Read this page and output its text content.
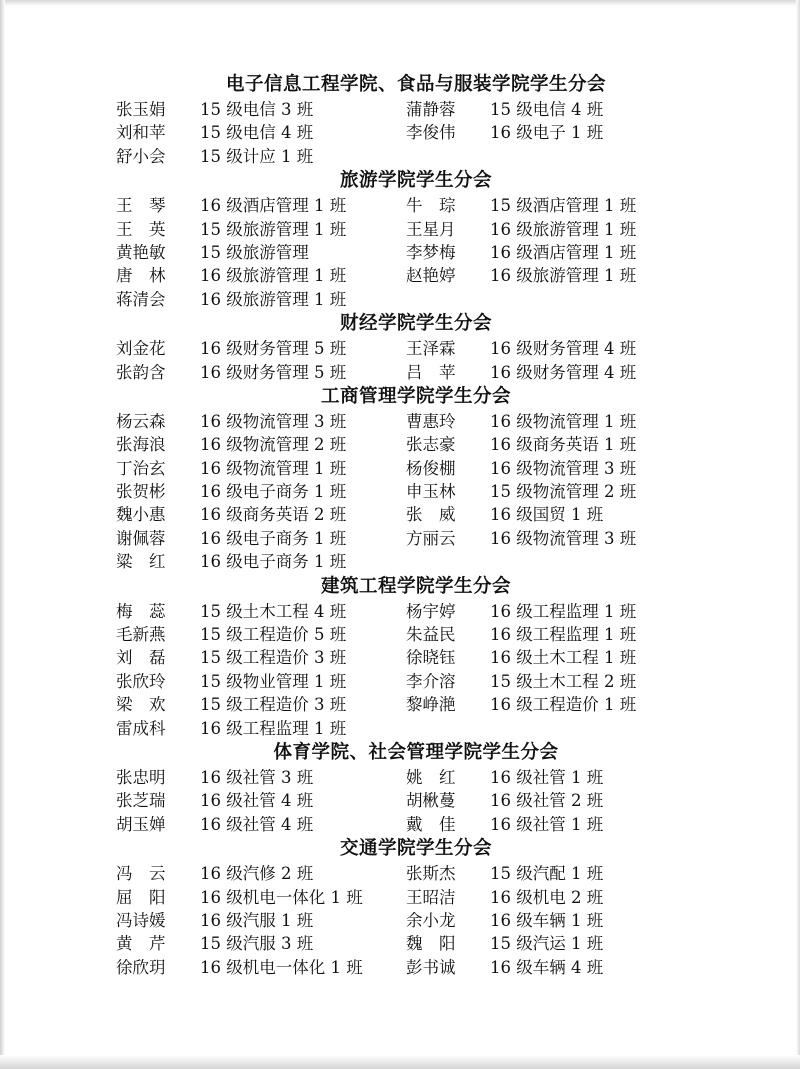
电子信息工程学院、食品与服装学院学生分会
张玉娟	15 级电信 3 班	蒲静蓉	15 级电信 4 班
刘和苹	15 级电信 4 班	李俊伟	16 级电子 1 班
舒小会	15 级计应 1 班
旅游学院学生分会
王　琴	16 级酒店管理 1 班	牛　琮	15 级酒店管理 1 班
王　英	15 级旅游管理 1 班	王星月	16 级旅游管理 1 班
黄艳敏	15 级旅游管理	李梦梅	16 级酒店管理 1 班
唐　林	16 级旅游管理 1 班	赵艳婷	16 级旅游管理 1 班
蒋清会	16 级旅游管理 1 班
财经学院学生分会
刘金花	16 级财务管理 5 班	王泽霖	16 级财务管理 4 班
张韵含	16 级财务管理 5 班	吕　苹	16 级财务管理 4 班
工商管理学院学生分会
杨云森	16 级物流管理 3 班	曹惠玲	16 级物流管理 1 班
张海浪	16 级物流管理 2 班	张志豪	16 级商务英语 1 班
丁治玄	16 级物流管理 1 班	杨俊棚	16 级物流管理 3 班
张贺彬	16 级电子商务 1 班	申玉林	15 级物流管理 2 班
魏小惠	16 级商务英语 2 班	张　威	16 级国贸 1 班
谢佩蓉	16 级电子商务 1 班	方丽云	16 级物流管理 3 班
粱　红	16 级电子商务 1 班
建筑工程学院学生分会
梅　蕊	15 级土木工程 4 班	杨宇婷	16 级工程监理 1 班
毛新燕	15 级工程造价 5 班	朱益民	16 级工程监理 1 班
刘　磊	15 级工程造价 3 班	徐晓钰	16 级土木工程 1 班
张欣玲	15 级物业管理 1 班	李介溶	15 级土木工程 2 班
梁　欢	15 级工程造价 3 班	黎峥滟	16 级工程造价 1 班
雷成科	16 级工程监理 1 班
体育学院、社会管理学院学生分会
张忠明	16 级社管 3 班	姚　红	16 级社管 1 班
张芝瑞	16 级社管 4 班	胡楸蔓	16 级社管 2 班
胡玉婵	16 级社管 4 班	戴　佳	16 级社管 1 班
交通学院学生分会
冯　云	16 级汽修 2 班	张斯杰	15 级汽配 1 班
屈　阳	16 级机电一体化 1 班	王昭洁	16 级机电 2 班
冯诗媛	16 级汽服 1 班	余小龙	16 级车辆 1 班
黄　芹	15 级汽服 3 班	魏　阳	15 级汽运 1 班
徐欣玥	16 级机电一体化 1 班	彭书诚	16 级车辆 4 班
